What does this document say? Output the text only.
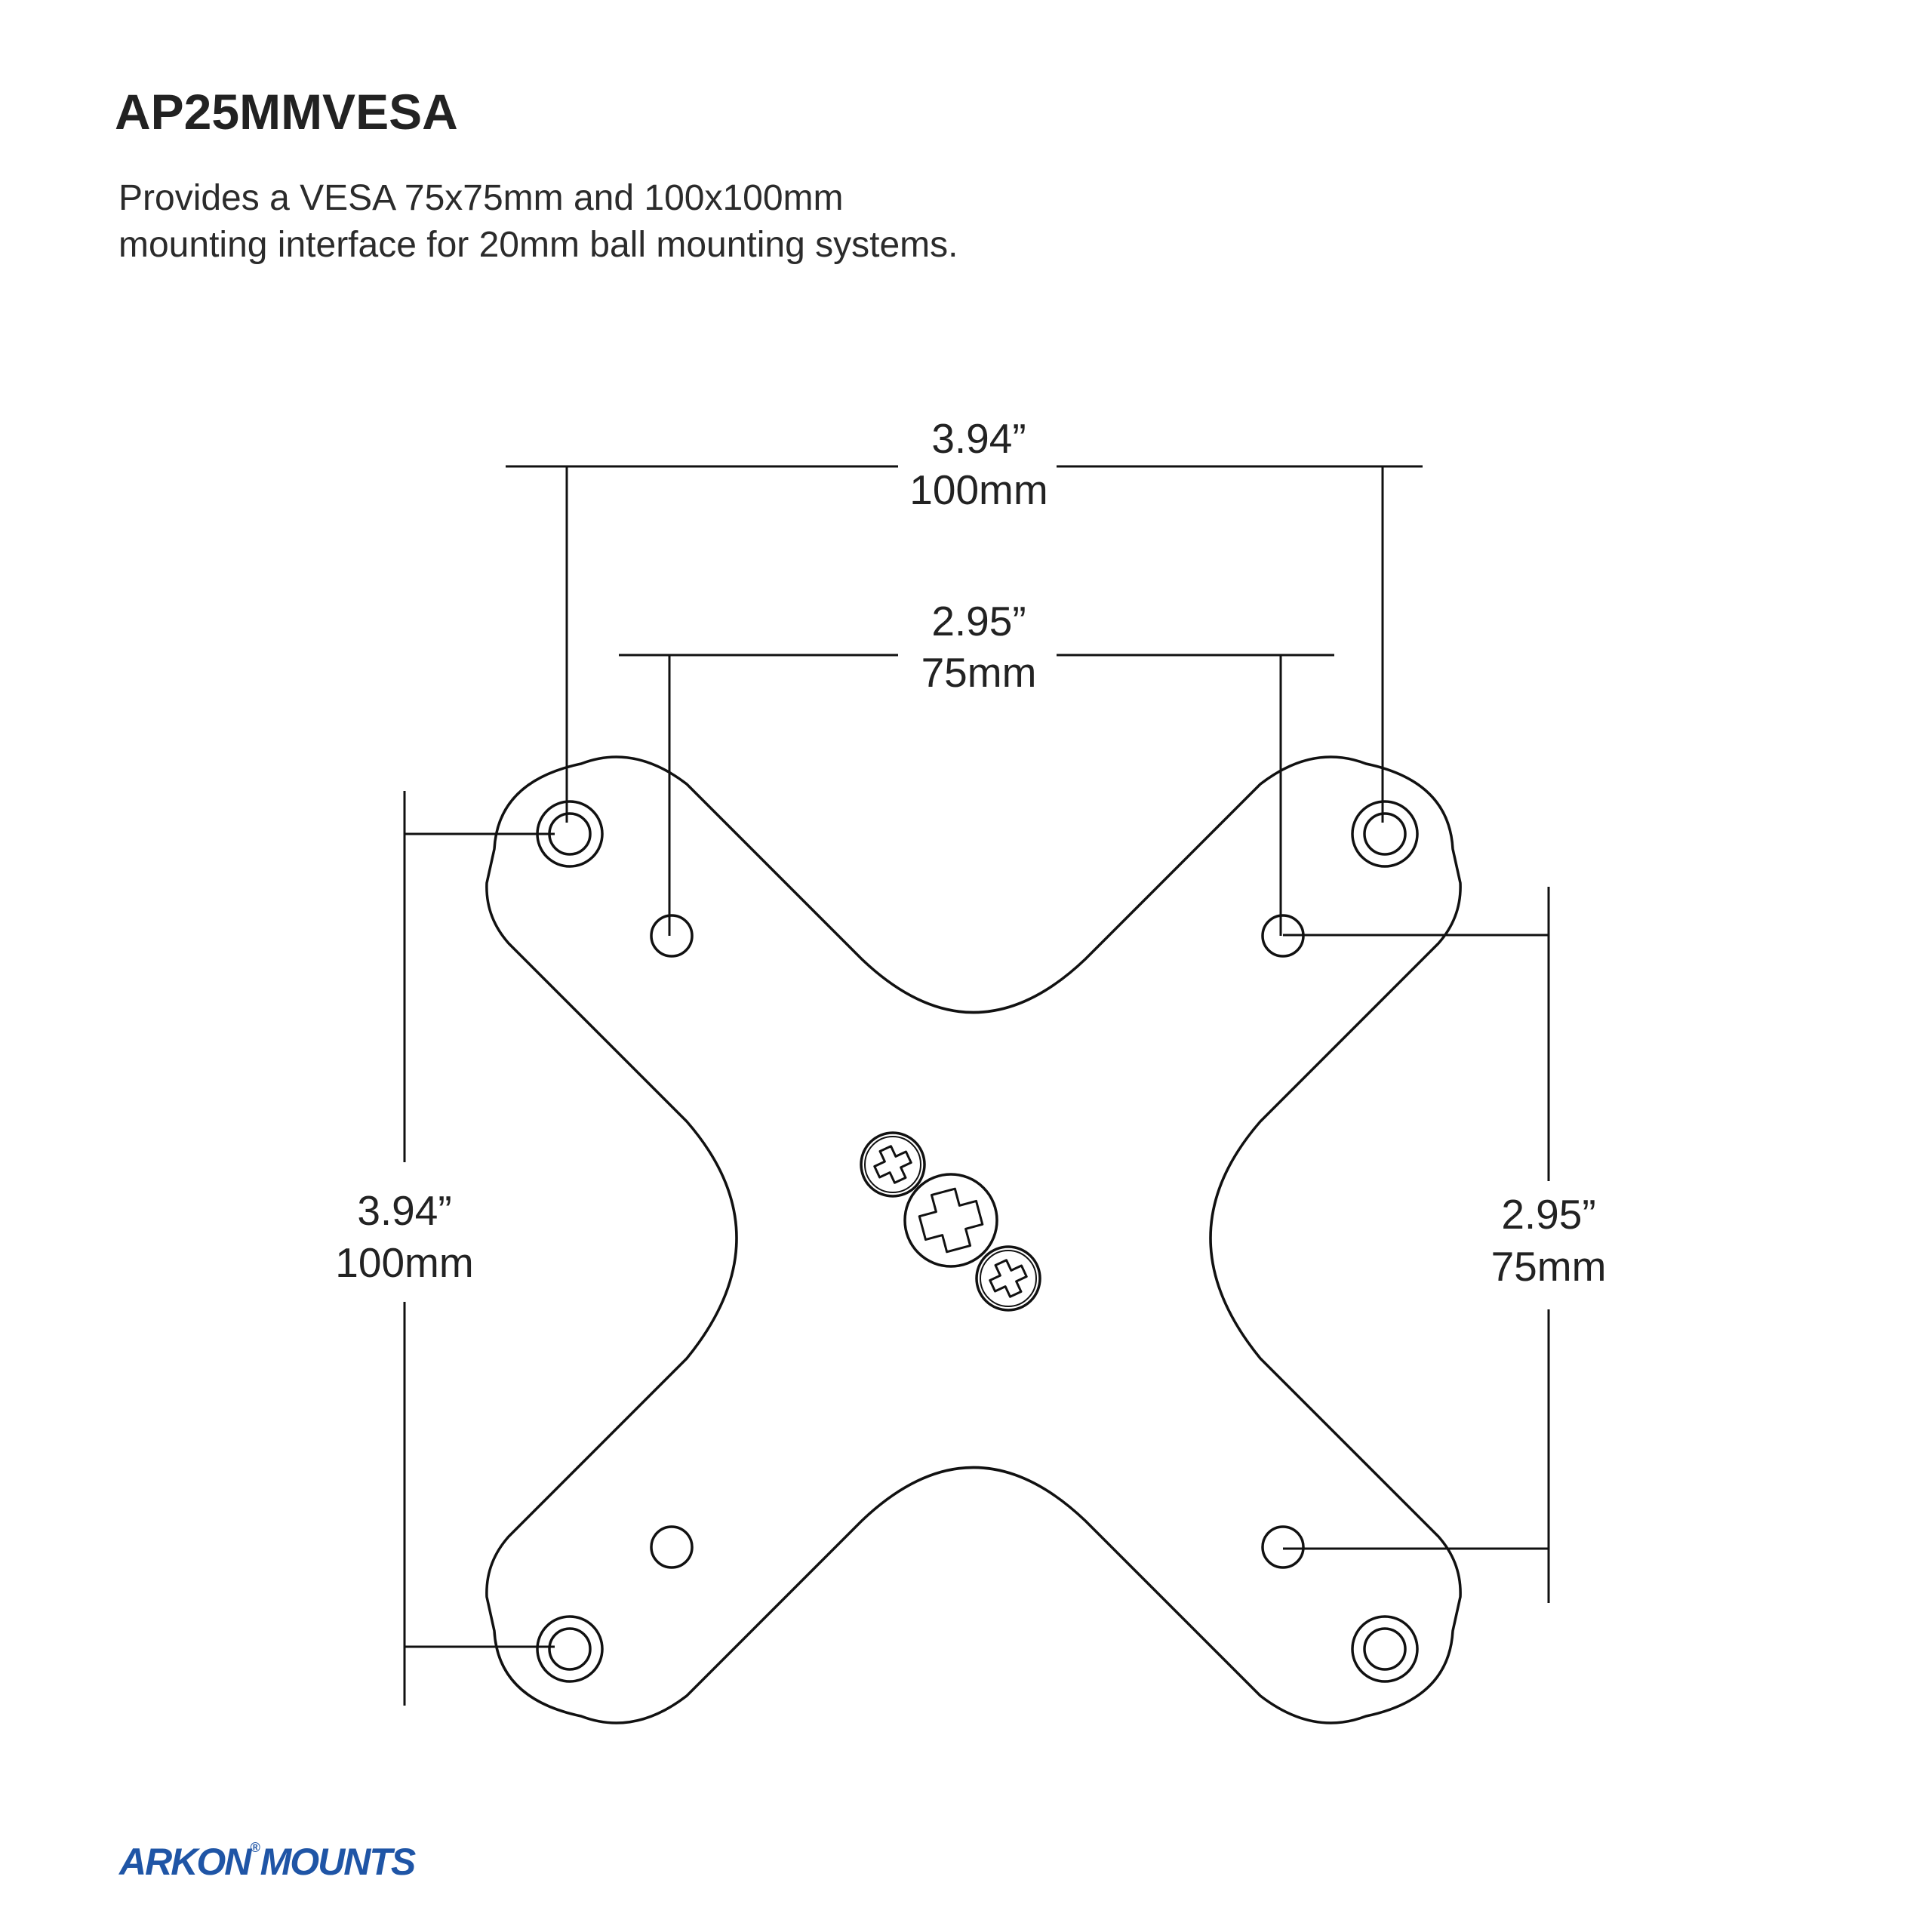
AP25MMVESA
Provides a VESA 75x75mm and 100x100mm
mounting interface for 20mm ball mounting systems.
3.94”
100mm
2.95”
75mm
3.94”
100mm
2.95”
75mm
ARKON®MOUNTS
